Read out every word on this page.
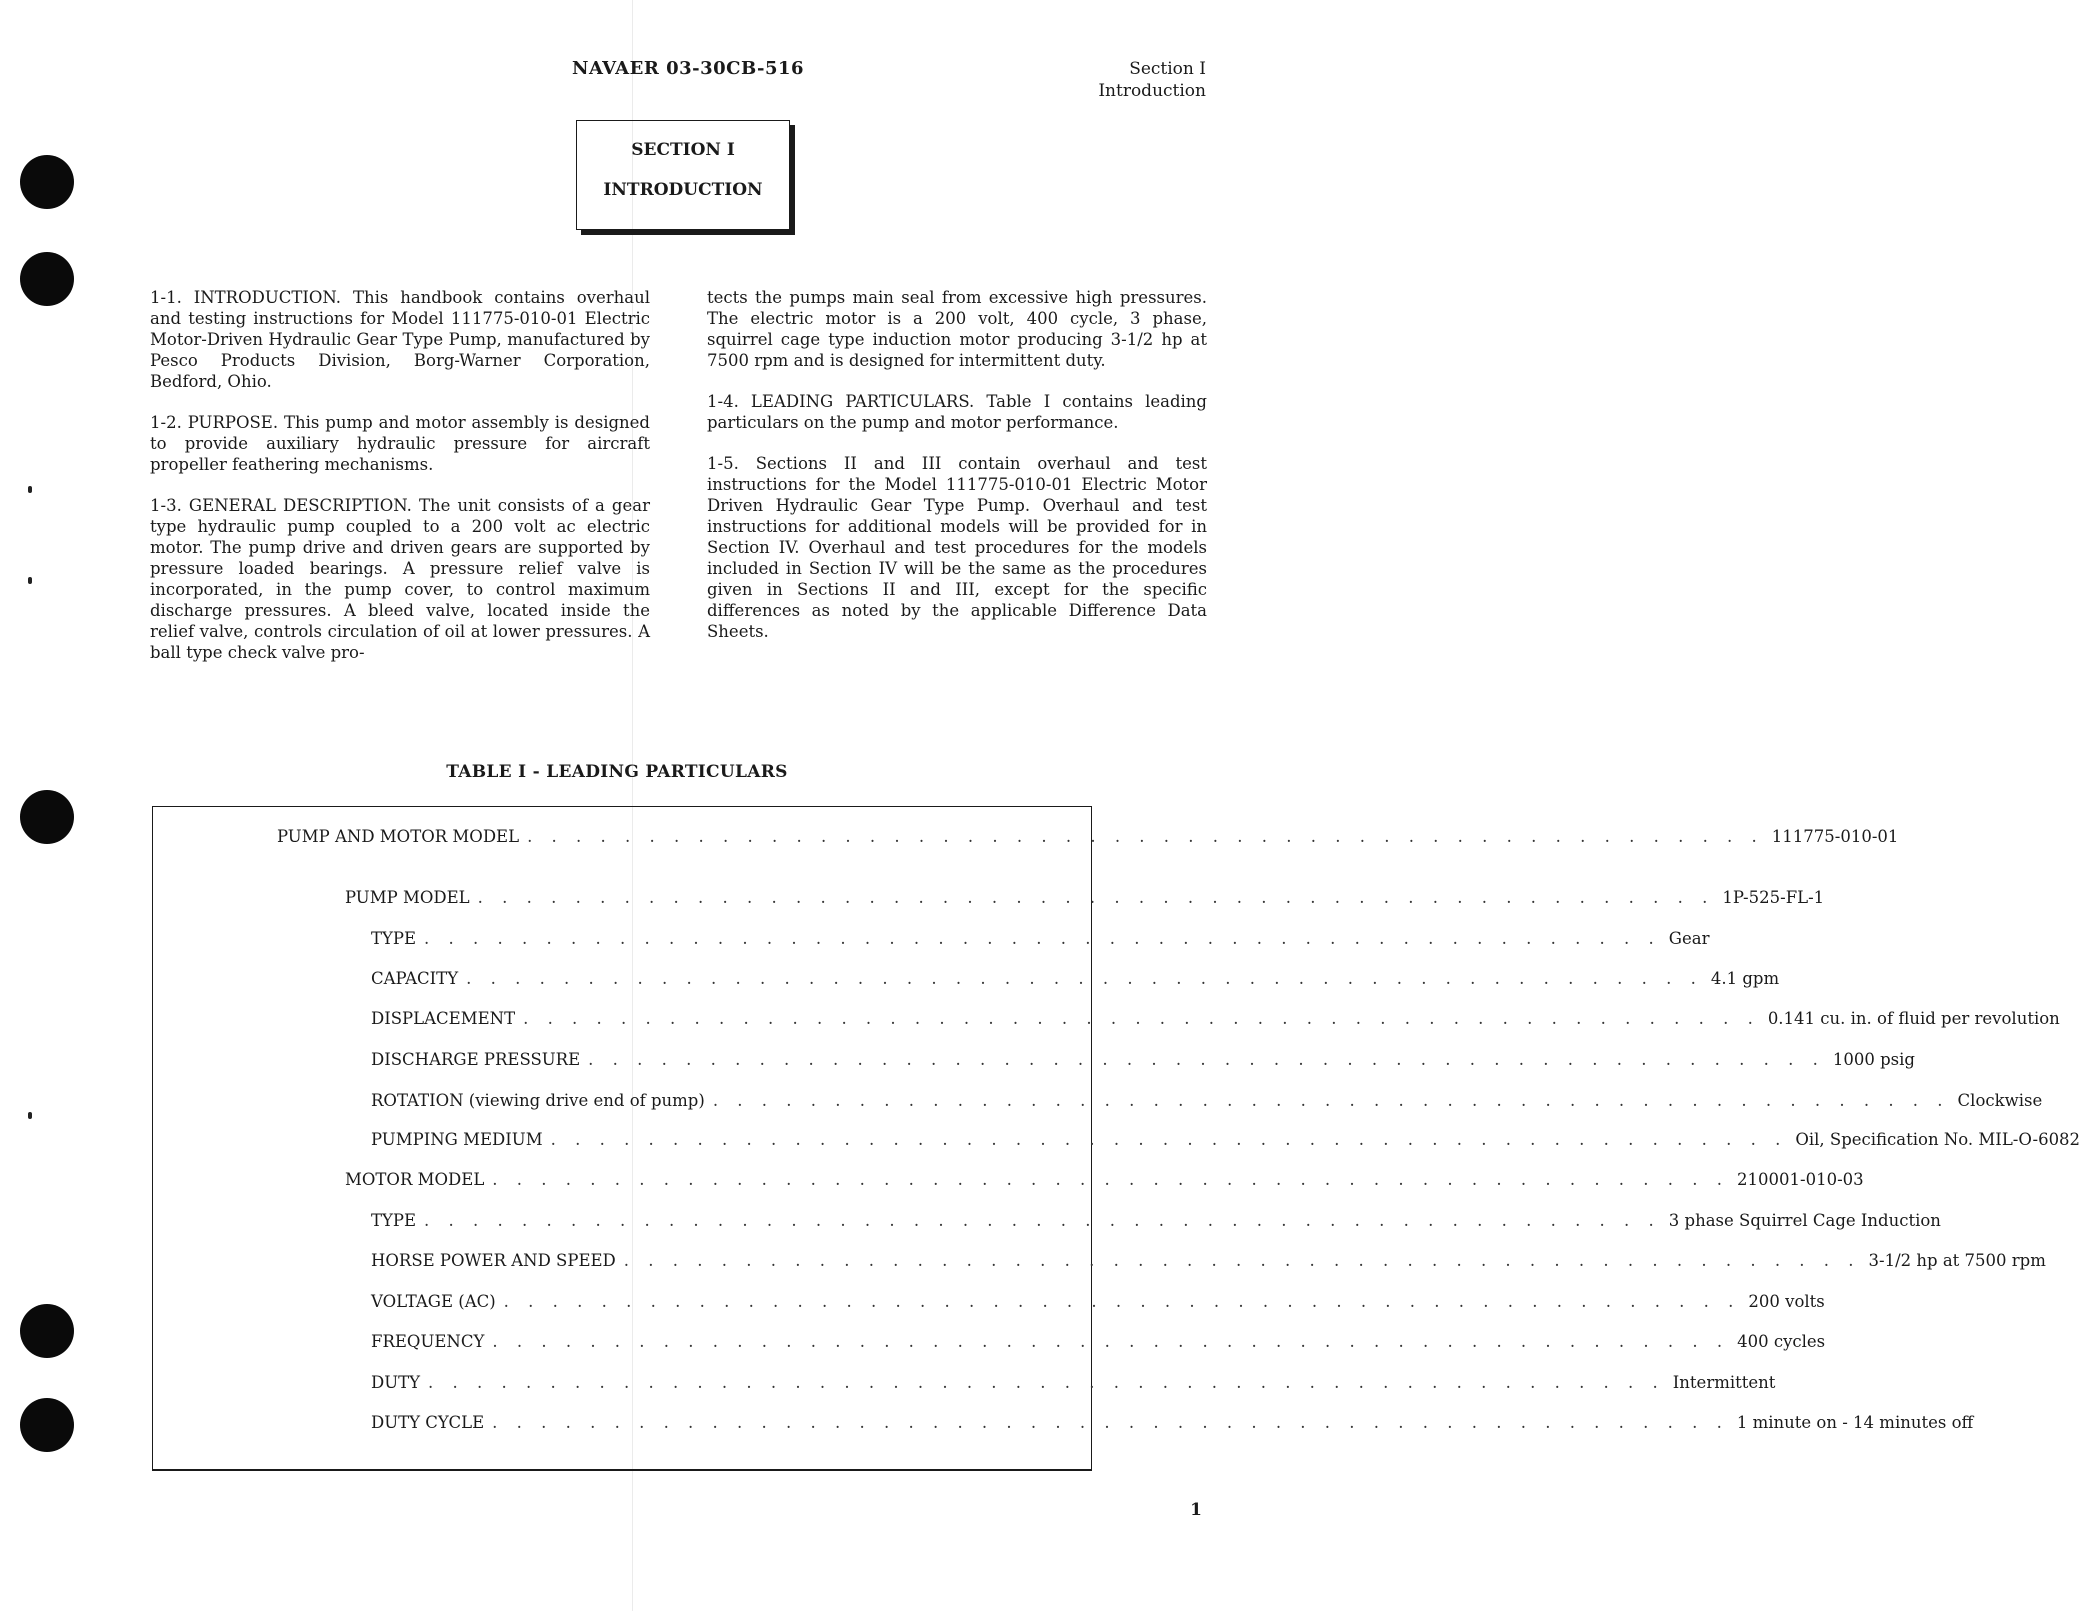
NAVAER 03-30CB-516	Section I
Introduction
SECTION I
INTRODUCTION

1-1. INTRODUCTION. This handbook contains overhaul and testing instructions for Model 111775-010-01 Electric Motor-Driven Hydraulic Gear Type Pump, manufactured by Pesco Products Division, Borg-Warner Corporation, Bedford, Ohio.

1-2. PURPOSE. This pump and motor assembly is designed to provide auxiliary hydraulic pressure for aircraft propeller feathering mechanisms.

1-3. GENERAL DESCRIPTION. The unit consists of a gear type hydraulic pump coupled to a 200 volt ac electric motor. The pump drive and driven gears are supported by pressure loaded bearings. A pressure relief valve is incorporated, in the pump cover, to control maximum discharge pressures. A bleed valve, located inside the relief valve, controls circulation of oil at lower pressures. A ball type check valve pro-

tects the pumps main seal from excessive high pressures. The electric motor is a 200 volt, 400 cycle, 3 phase, squirrel cage type induction motor producing 3-1/2 hp at 7500 rpm and is designed for intermittent duty.

1-4. LEADING PARTICULARS. Table I contains leading particulars on the pump and motor performance.

1-5. Sections II and III contain overhaul and test instructions for the Model 111775-010-01 Electric Motor Driven Hydraulic Gear Type Pump. Overhaul and test instructions for additional models will be provided for in Section IV. Overhaul and test procedures for the models included in Section IV will be the same as the procedures given in Sections II and III, except for the specific differences as noted by the applicable Difference Data Sheets.

TABLE I - LEADING PARTICULARS
PUMP AND MOTOR MODEL . . . . . . . . . . . . . . . . . . . . . . . . . . . . . . . . . . . . . . . . . . . . . . . . . . . 111775-010-01
PUMP MODEL . . . . . . . . . . . . . . . . . . . . . . . . . . . . . . . . . . . . . . . . . . . . . . . . . . . 1P-525-FL-1
TYPE . . . . . . . . . . . . . . . . . . . . . . . . . . . . . . . . . . . . . . . . . . . . . . . . . . . Gear
CAPACITY . . . . . . . . . . . . . . . . . . . . . . . . . . . . . . . . . . . . . . . . . . . . . . . . . . . 4.1 gpm
DISPLACEMENT . . . . . . . . . . . . . . . . . . . . . . . . . . . . . . . . . . . . . . . . . . . . . . . . . . . 0.141 cu. in. of fluid per revolution
DISCHARGE PRESSURE . . . . . . . . . . . . . . . . . . . . . . . . . . . . . . . . . . . . . . . . . . . . . . . . . . . 1000 psig
ROTATION (viewing drive end of pump) . . . . . . . . . . . . . . . . . . . . . . . . . . . . . . . . . . . . . . . . . . . . . . . . . . . Clockwise
PUMPING MEDIUM . . . . . . . . . . . . . . . . . . . . . . . . . . . . . . . . . . . . . . . . . . . . . . . . . . . Oil, Specification No. MIL-O-6082
MOTOR MODEL . . . . . . . . . . . . . . . . . . . . . . . . . . . . . . . . . . . . . . . . . . . . . . . . . . . 210001-010-03
TYPE . . . . . . . . . . . . . . . . . . . . . . . . . . . . . . . . . . . . . . . . . . . . . . . . . . . 3 phase Squirrel Cage Induction
HORSE POWER AND SPEED . . . . . . . . . . . . . . . . . . . . . . . . . . . . . . . . . . . . . . . . . . . . . . . . . . . 3-1/2 hp at 7500 rpm
VOLTAGE (AC) . . . . . . . . . . . . . . . . . . . . . . . . . . . . . . . . . . . . . . . . . . . . . . . . . . . 200 volts
FREQUENCY . . . . . . . . . . . . . . . . . . . . . . . . . . . . . . . . . . . . . . . . . . . . . . . . . . . 400 cycles
DUTY . . . . . . . . . . . . . . . . . . . . . . . . . . . . . . . . . . . . . . . . . . . . . . . . . . . Intermittent
DUTY CYCLE . . . . . . . . . . . . . . . . . . . . . . . . . . . . . . . . . . . . . . . . . . . . . . . . . . . 1 minute on - 14 minutes off
1
